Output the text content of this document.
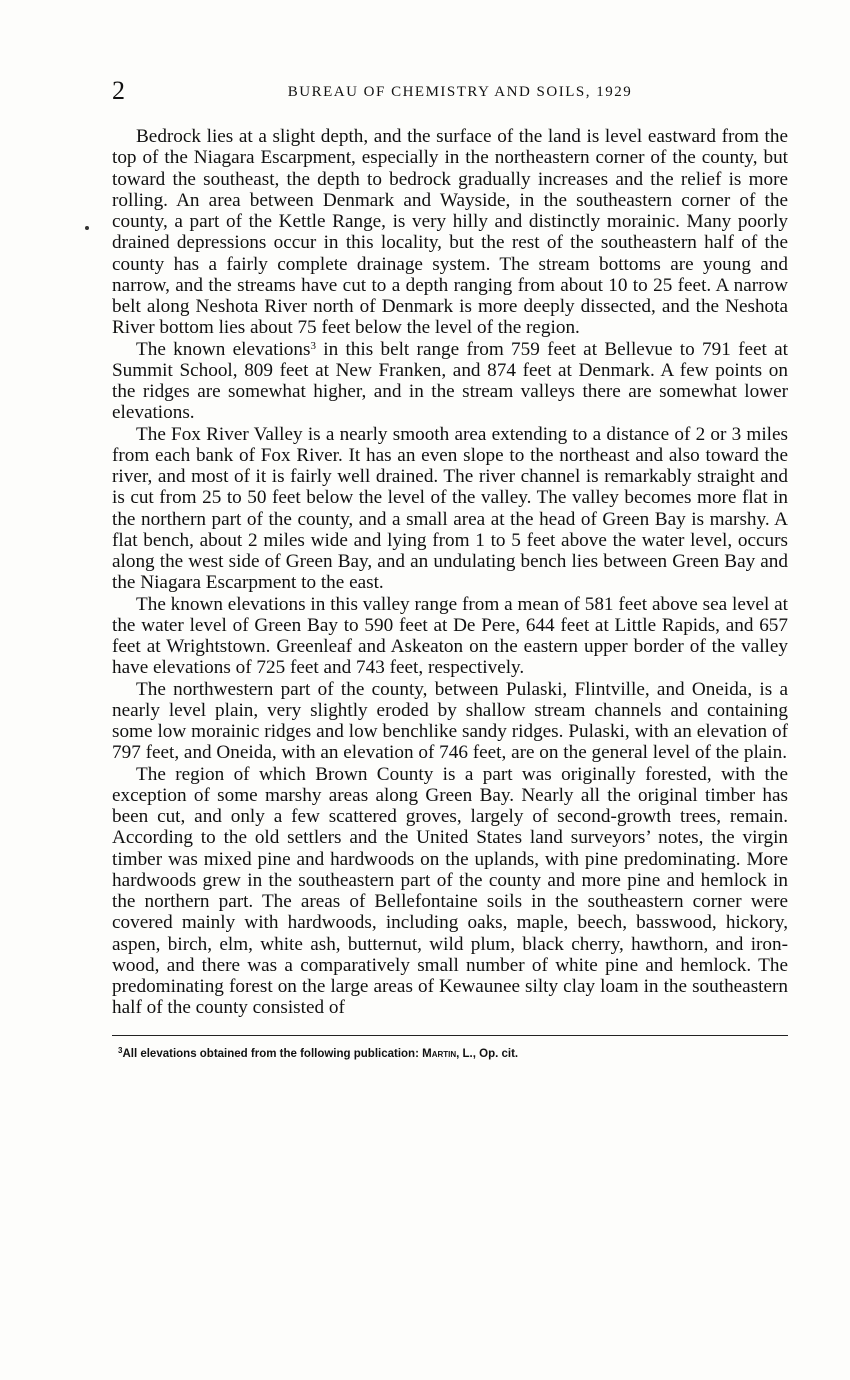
2	BUREAU OF CHEMISTRY AND SOILS, 1929

Bedrock lies at a slight depth, and the surface of the land is level eastward from the top of the Niagara Escarpment, especially in the northeastern corner of the county, but toward the southeast, the depth to bedrock gradually increases and the relief is more rolling. An area between Denmark and Wayside, in the southeastern corner of the county, a part of the Kettle Range, is very hilly and distinctly morainic. Many poorly drained depressions occur in this locality, but the rest of the southeastern half of the county has a fairly complete drainage system. The stream bottoms are young and narrow, and the streams have cut to a depth ranging from about 10 to 25 feet. A narrow belt along Neshota River north of Denmark is more deeply dissected, and the Neshota River bottom lies about 75 feet below the level of the region.

The known elevations$^3$ in this belt range from 759 feet at Bellevue to 791 feet at Summit School, 809 feet at New Franken, and 874 feet at Denmark. A few points on the ridges are somewhat higher, and in the stream valleys there are somewhat lower elevations.

The Fox River Valley is a nearly smooth area extending to a distance of 2 or 3 miles from each bank of Fox River. It has an even slope to the northeast and also toward the river, and most of it is fairly well drained. The river channel is remarkably straight and is cut from 25 to 50 feet below the level of the valley. The valley becomes more flat in the northern part of the county, and a small area at the head of Green Bay is marshy. A flat bench, about 2 miles wide and lying from 1 to 5 feet above the water level, occurs along the west side of Green Bay, and an undulating bench lies between Green Bay and the Niagara Escarpment to the east.

The known elevations in this valley range from a mean of 581 feet above sea level at the water level of Green Bay to 590 feet at De Pere, 644 feet at Little Rapids, and 657 feet at Wrightstown. Greenleaf and Askeaton on the eastern upper border of the valley have elevations of 725 feet and 743 feet, respectively.

The northwestern part of the county, between Pulaski, Flintville, and Oneida, is a nearly level plain, very slightly eroded by shallow stream channels and containing some low morainic ridges and low benchlike sandy ridges. Pulaski, with an elevation of 797 feet, and Oneida, with an elevation of 746 feet, are on the general level of the plain.

The region of which Brown County is a part was originally forested, with the exception of some marshy areas along Green Bay. Nearly all the original timber has been cut, and only a few scattered groves, largely of second-growth trees, remain. According to the old settlers and the United States land surveyors’ notes, the virgin timber was mixed pine and hardwoods on the uplands, with pine predominating. More hardwoods grew in the southeastern part of the county and more pine and hemlock in the northern part. The areas of Bellefontaine soils in the southeastern corner were covered mainly with hardwoods, including oaks, maple, beech, basswood, hickory, aspen, birch, elm, white ash, butternut, wild plum, black cherry, hawthorn, and ironwood, and there was a comparatively small number of white pine and hemlock. The predominating forest on the large areas of Kewaunee silty clay loam in the southeastern half of the county consisted of

$^3$All elevations obtained from the following publication: Martin, L., Op. cit.
